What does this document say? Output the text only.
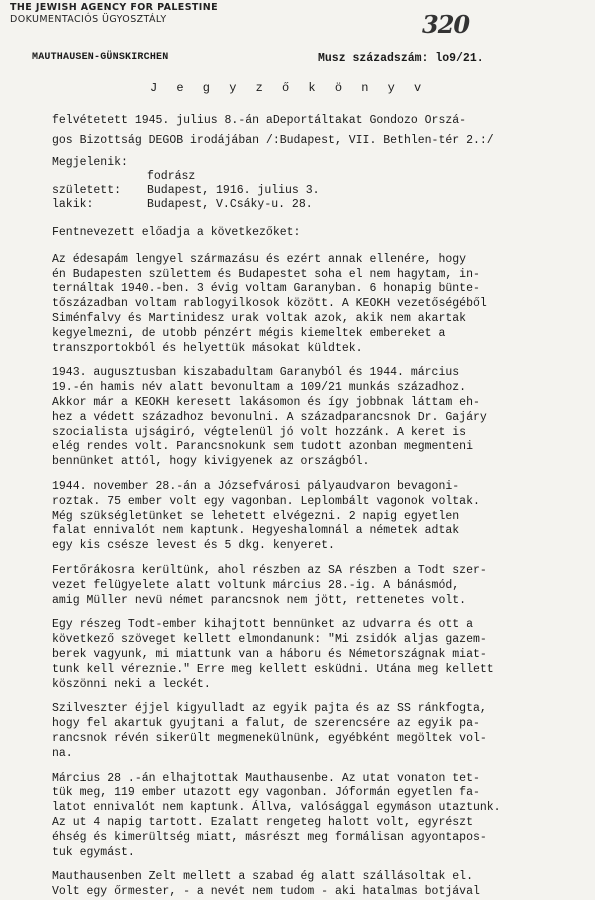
THE JEWISH AGENCY FOR PALESTINE
DOKUMENTACIÓS ÜGYOSZTÁLY	320
MAUTHAUSEN-GÜNSKIRCHEN	Musz századszám: lo9/21.
J e g y z ő k ö n y v
felvétetett 1945. julius 8.-án aDeportáltakat Gondozo Orszá-
gos Bizottság DEGOB irodájában /:Budapest, VII. Bethlen-tér 2.:/
Megjelenik:
fodrász
született:	Budapest, 1916. julius 3.
lakik:	Budapest, V.Csáky-u. 28.
Fentnevezett előadja a következőket:
Az édesapám lengyel származásu és ezért annak ellenére, hogy
én Budapesten születtem és Budapestet soha el nem hagytam, in-
ternáltak 1940.-ben. 3 évig voltam Garanyban. 6 honapig bünte-
tőszázadban voltam rablogyilkosok között. A KEOKH vezetőségéből
Siménfalvy és Martinidesz urak voltak azok, akik nem akartak
kegyelmezni, de utobb pénzért mégis kiemeltek embereket a
transzportokból és helyettük másokat küldtek.
1943. augusztusban kiszabadultam Garanyból és 1944. március
19.-én hamis név alatt bevonultam a 109/21 munkás századhoz.
Akkor már a KEOKH keresett lakásomon és így jobbnak láttam eh-
hez a védett századhoz bevonulni. A századparancsnok Dr. Gajáry
szocialista ujságiró, végtelenül jó volt hozzánk. A keret is
elég rendes volt. Parancsnokunk sem tudott azonban megmenteni
bennünket attól, hogy kivigyenek az országból.
1944. november 28.-án a Józsefvárosi pályaudvaron bevagoni-
roztak. 75 ember volt egy vagonban. Leplombált vagonok voltak.
Még szükségletünket se lehetett elvégezni. 2 napig egyetlen
falat ennivalót nem kaptunk. Hegyeshalomnál a németek adtak
egy kis csésze levest és 5 dkg. kenyeret.
Fertőrákosra kerültünk, ahol részben az SA részben a Todt szer-
vezet felügyelete alatt voltunk március 28.-ig. A bánásmód,
amig Müller nevü német parancsnok nem jött, rettenetes volt.
Egy részeg Todt-ember kihajtott bennünket az udvarra és ott a
következő szöveget kellett elmondanunk: "Mi zsidók aljas gazem-
berek vagyunk, mi miattunk van a háboru és Németországnak miat-
tunk kell véreznie." Erre meg kellett esküdni. Utána meg kellett
köszönni neki a leckét.
Szilveszter éjjel kigyulladt az egyik pajta és az SS ránkfogta,
hogy fel akartuk gyujtani a falut, de szerencsére az egyik pa-
rancsnok révén sikerült megmenekülnünk, egyébként megöltek vol-
na.
Március 28 .-án elhajtottak Mauthausenbe. Az utat vonaton tet-
tük meg, 119 ember utazott egy vagonban. Jóformán egyetlen fa-
latot ennivalót nem kaptunk. Állva, valósággal egymáson utaztunk.
Az ut 4 napig tartott. Ezalatt rengeteg halott volt, egyrészt
éhség és kimerültség miatt, másrészt meg formálisan agyontapos-
tuk egymást.
Mauthausenben Zelt mellett a szabad ég alatt szállásoltak el.
Volt egy őrmester, - a nevét nem tudom - aki hatalmas botjával
